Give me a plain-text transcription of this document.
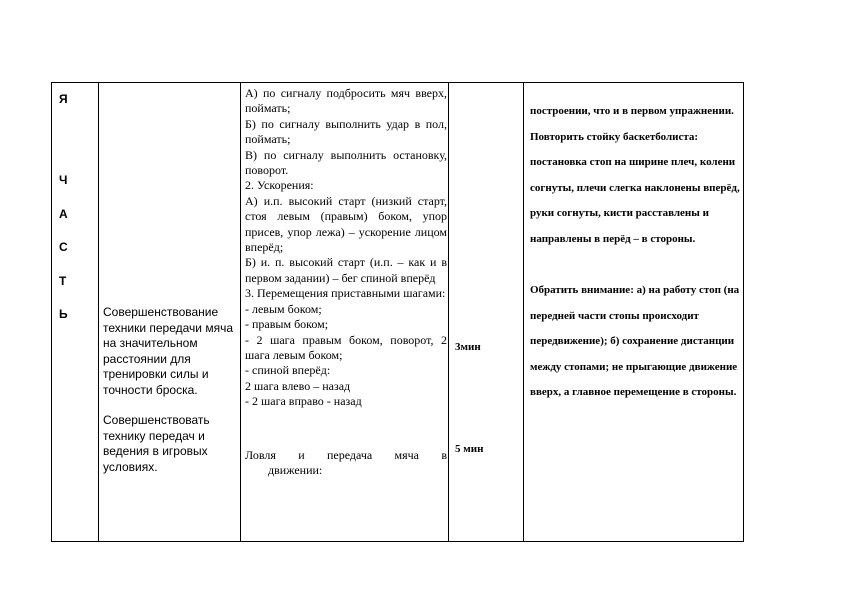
Я
Ч
А
С
Т
Ь	Совершенствование техники передачи мяча на значительном расстоянии для тренировки силы и точности броска.

Совершенствовать технику передач и ведения в игровых условиях.

А) по сигналу подбросить мяч вверх, поймать;
Б) по сигналу выполнить удар в пол, поймать;
В) по сигналу выполнить остановку, поворот.
2. Ускорения:
А) и.п. высокий старт (низкий старт, стоя левым (правым) боком, упор присев, упор лежа) – ускорение лицом вперёд;
Б) и. п. высокий старт (и.п. – как и в первом задании) – бег спиной вперёд
3. Перемещения приставными шагами:
- левым боком;
- правым боком;
- 2 шага правым боком, поворот, 2 шага левым боком;
- спиной вперёд:
2 шага влево – назад
- 2 шага вправо - назад
Ловля и передача мяча в
движении:
3мин
5 мин
построении, что и в первом упражнении.
Повторить стойку баскетболиста:
постановка стоп на ширине плеч, колени
согнуты, плечи слегка наклонены вперёд,
руки согнуты, кисти расставлены и
направлены в перёд – в стороны.
Обратить внимание: а) на работу стоп (на
передней части стопы происходит
передвижение); б) сохранение дистанции
между стопами; не прыгающие движение
вверх, а главное перемещение в стороны.
